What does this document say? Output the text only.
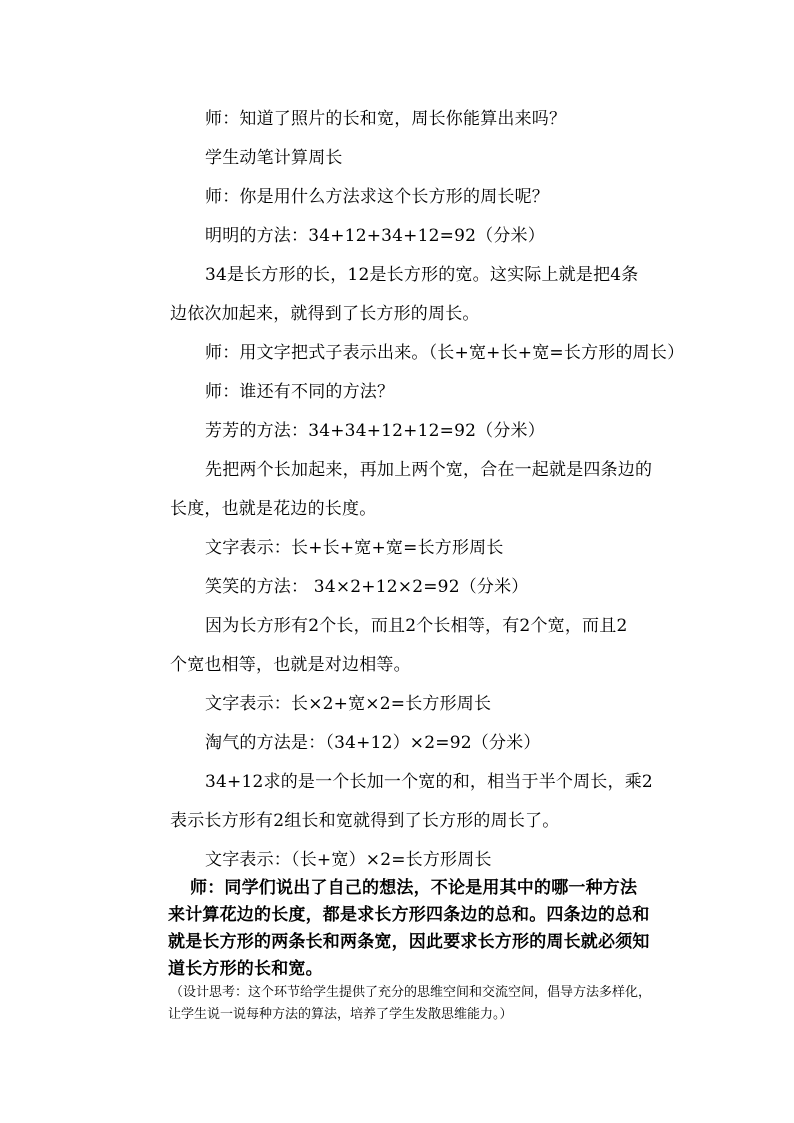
师：知道了照片的长和宽，周长你能算出来吗？
学生动笔计算周长
师：你是用什么方法求这个长方形的周长呢？
明明的方法：34+12+34+12=92（分米）
34是长方形的长，12是长方形的宽。这实际上就是把4条
边依次加起来，就得到了长方形的周长。
师：用文字把式子表示出来。（长+宽+长+宽=长方形的周长）
师：谁还有不同的方法？
芳芳的方法：34+34+12+12=92（分米）
先把两个长加起来，再加上两个宽，合在一起就是四条边的
长度，也就是花边的长度。
文字表示：长+长+宽+宽=长方形周长
笑笑的方法： 34×2+12×2=92（分米）
因为长方形有2个长，而且2个长相等，有2个宽，而且2
个宽也相等，也就是对边相等。
文字表示：长×2+宽×2=长方形周长
淘气的方法是：（34+12）×2=92（分米）
34+12求的是一个长加一个宽的和，相当于半个周长，乘2
表示长方形有2组长和宽就得到了长方形的周长了。
文字表示：（长+宽）×2=长方形周长
师：同学们说出了自己的想法，不论是用其中的哪一种方法
来计算花边的长度，都是求长方形四条边的总和。四条边的总和
就是长方形的两条长和两条宽，因此要求长方形的周长就必须知
道长方形的长和宽。
（设计思考：这个环节给学生提供了充分的思维空间和交流空间，倡导方法多样化，
让学生说一说每种方法的算法，培养了学生发散思维能力。）
